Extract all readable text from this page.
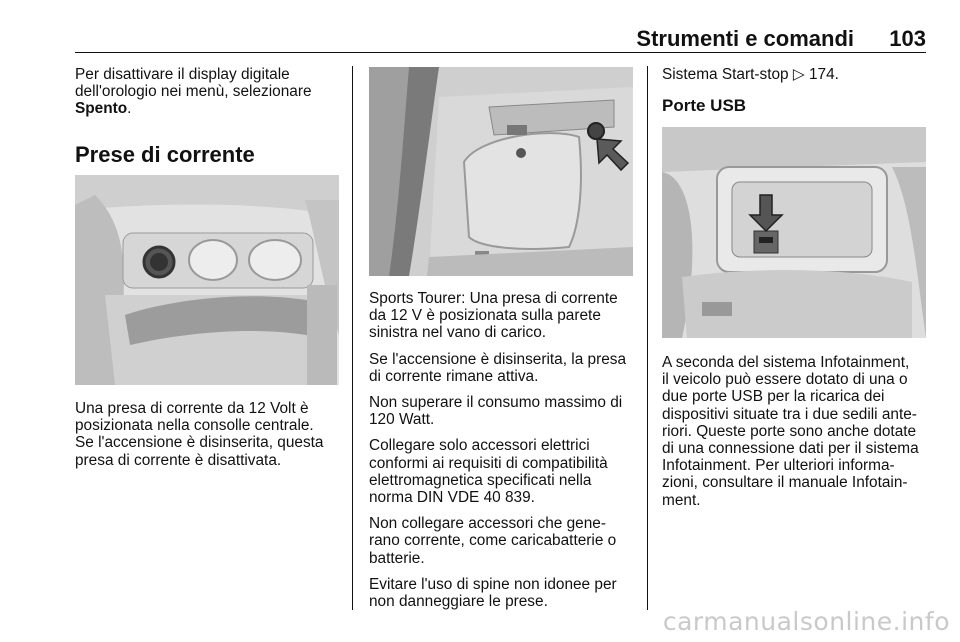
Strumenti e comandi 103
Per disattivare il display digitale
dell'orologio nei menù, selezionare
Spento.
Prese di corrente
Una presa di corrente da 12 Volt è
posizionata nella consolle centrale.
Se l'accensione è disinserita, questa
presa di corrente è disattivata.

Sports Tourer: Una presa di corrente
da 12 V è posizionata sulla parete
sinistra nel vano di carico.

Se l'accensione è disinserita, la presa
di corrente rimane attiva.

Non superare il consumo massimo di
120 Watt.

Collegare solo accessori elettrici
conformi ai requisiti di compatibilità
elettromagnetica specificati nella
norma DIN VDE 40 839.

Non collegare accessori che gene-
rano corrente, come caricabatterie o
batterie.

Evitare l'uso di spine non idonee per
non danneggiare le prese.

Sistema Start-stop ▷ 174.
Porte USB
A seconda del sistema Infotainment,
il veicolo può essere dotato di una o
due porte USB per la ricarica dei
dispositivi situate tra i due sedili ante-
riori. Queste porte sono anche dotate
di una connessione dati per il sistema
Infotainment. Per ulteriori informa-
zioni, consultare il manuale Infotain-
ment.
carmanualsonline.info
